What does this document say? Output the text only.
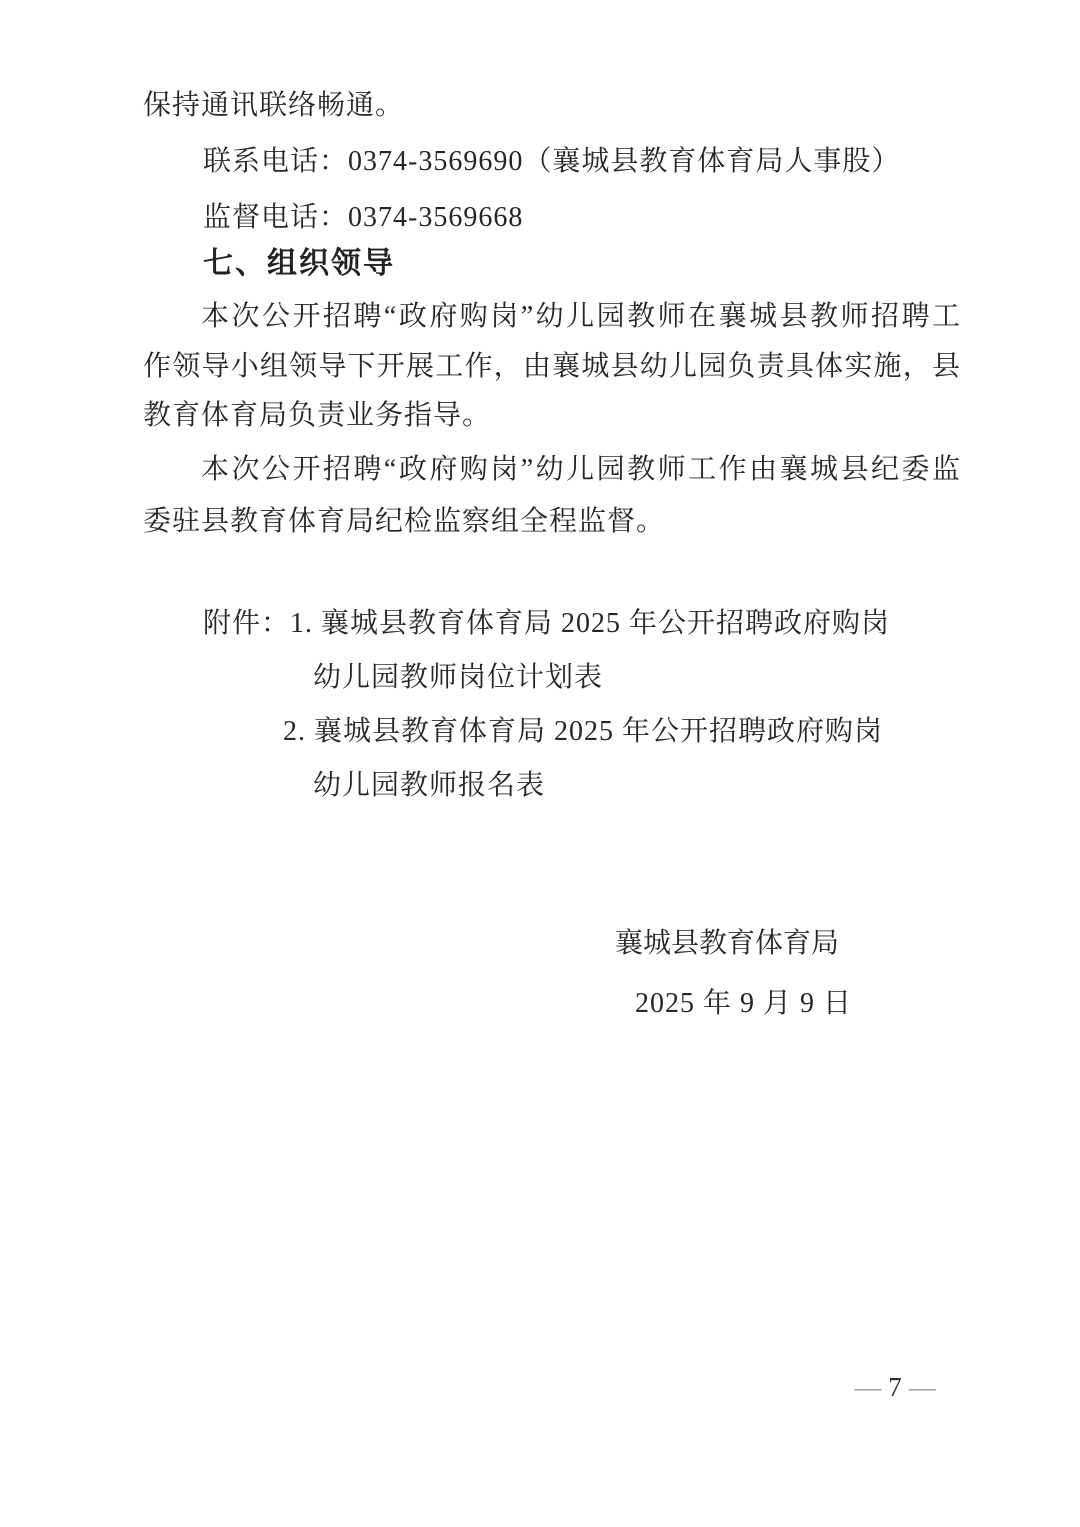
保持通讯联络畅通。
联系电话：0374-3569690（襄城县教育体育局人事股）
监督电话：0374-3569668
七、组织领导
本次公开招聘“政府购岗”幼儿园教师在襄城县教师招聘工
作领导小组领导下开展工作，由襄城县幼儿园负责具体实施，县
教育体育局负责业务指导。
本次公开招聘“政府购岗”幼儿园教师工作由襄城县纪委监
委驻县教育体育局纪检监察组全程监督。
附件：1. 襄城县教育体育局 2025 年公开招聘政府购岗
幼儿园教师岗位计划表
2. 襄城县教育体育局 2025 年公开招聘政府购岗
幼儿园教师报名表
襄城县教育体育局
2025 年 9 月 9 日
— 7 —
